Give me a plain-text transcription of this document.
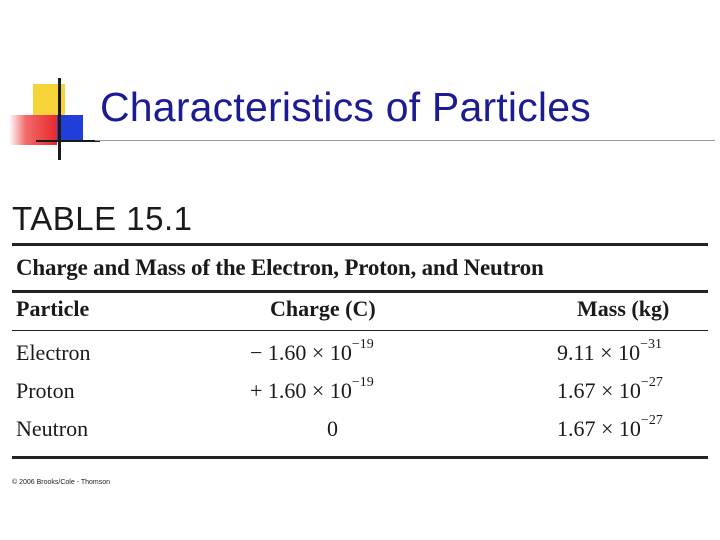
Characteristics of Particles
TABLE 15.1
Charge and Mass of the Electron, Proton, and Neutron
Particle	Charge (C)	Mass (kg)
Electron	− $1.60 \times 10^{-19}$	$9.11 \times 10^{-31}$
Proton	+ $1.60 \times 10^{-19}$	$1.67 \times 10^{-27}$
Neutron	0	$1.67 \times 10^{-27}$
© 2006 Brooks/Cole - Thomson
